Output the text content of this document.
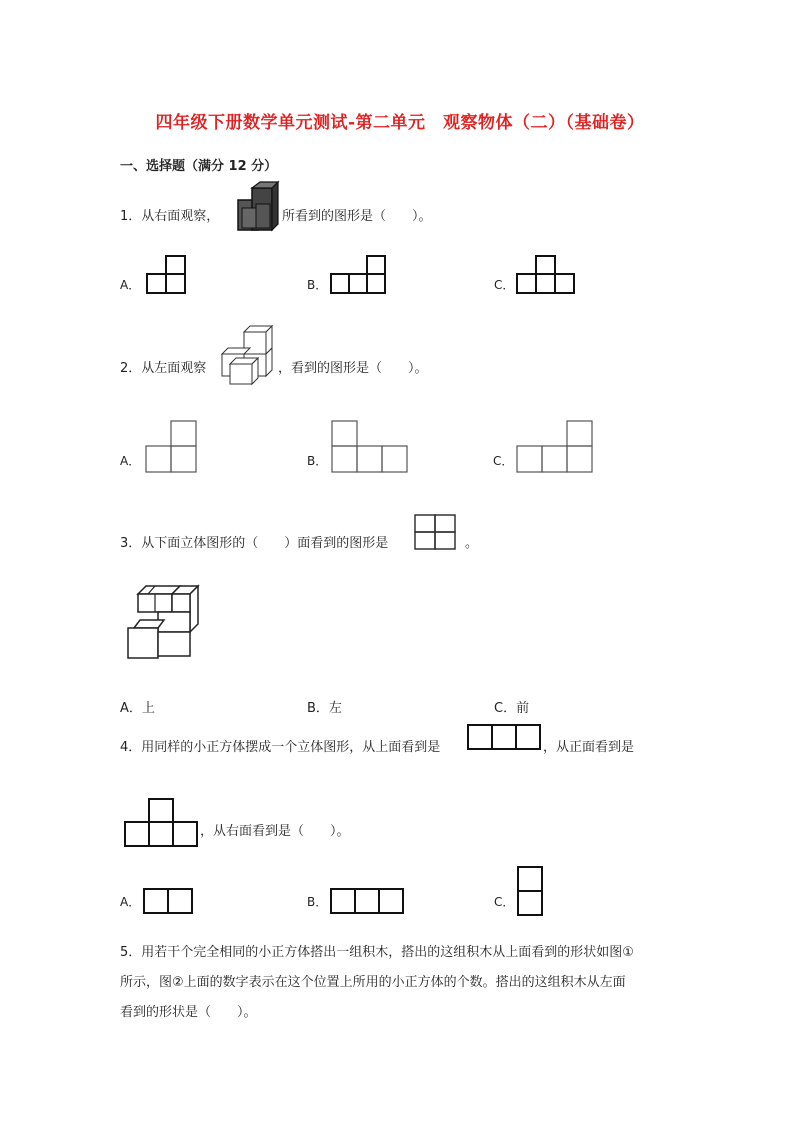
四年级下册数学单元测试-第二单元　观察物体（二）（基础卷）
一、选择题（满分 12 分）
1．从右面观察，	所看到的图形是（　　）。
A．	B．	C．
2．从左面观察	，看到的图形是（　　）。
A．	B．	C．
3．从下面立体图形的（　　）面看到的图形是	。
A．上	B．左	C．前
4．用同样的小正方体摆成一个立体图形，从上面看到是	，从正面看到是
，从右面看到是（　　）。
A．	B．	C．
5．用若干个完全相同的小正方体搭出一组积木，搭出的这组积木从上面看到的形状如图①
所示，图②上面的数字表示在这个位置上所用的小正方体的个数。搭出的这组积木从左面
看到的形状是（　　）。
